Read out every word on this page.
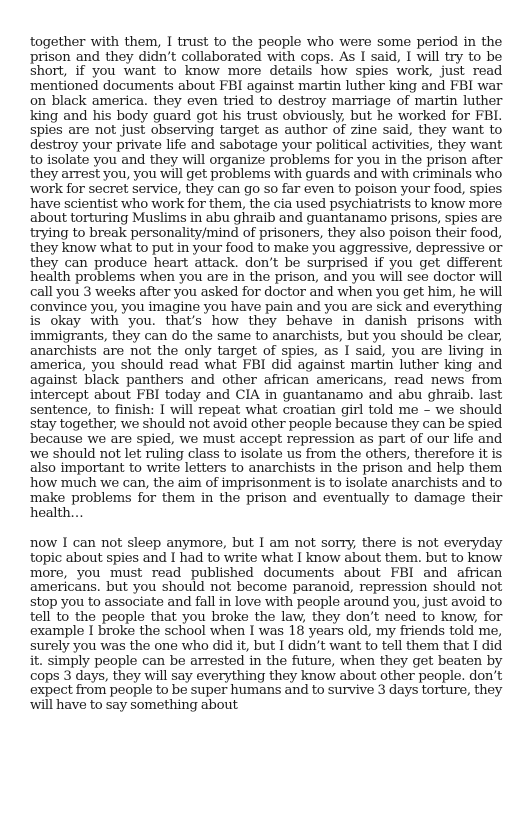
together with them, I trust to the people who were some period in the prison and they didn’t collaborated with cops. As I said, I will try to be short, if you want to know more details how spies work, just read mentioned documents about FBI against martin luther king and FBI war on black america. they even tried to destroy marriage of martin luther king and his body guard got his trust obviously, but he worked for FBI. spies are not just observing target as author of zine said, they want to destroy your private life and sabotage your political activities, they want to isolate you and they will organize problems for you in the prison after they arrest you, you will get problems with guards and with criminals who work for secret service, they can go so far even to poison your food, spies have scientist who work for them, the cia used psychiatrists to know more about torturing Muslims in abu ghraib and guantanamo prisons, spies are trying to break personality/mind of prisoners, they also poison their food, they know what to put in your food to make you aggressive, depressive or they can produce heart attack. don’t be surprised if you get different health problems when you are in the prison, and you will see doctor will call you 3 weeks after you asked for doctor and when you get him, he will convince you, you imagine you have pain and you are sick and everything is okay with you. that’s how they behave in danish prisons with immigrants, they can do the same to anarchists, but you should be clear, anarchists are not the only target of spies, as I said, you are living in america, you should read what FBI did against martin luther king and against black panthers and other african americans, read news from intercept about FBI today and CIA in guantanamo and abu ghraib. last sentence, to finish: I will repeat what croatian girl told me – we should stay together, we should not avoid other people because they can be spied because we are spied, we must accept repression as part of our life and we should not let ruling class to isolate us from the others, therefore it is also important to write letters to anarchists in the prison and help them how much we can, the aim of imprisonment is to isolate anarchists and to make problems for them in the prison and eventually to damage their health…

now I can not sleep anymore, but I am not sorry, there is not everyday topic about spies and I had to write what I know about them. but to know more, you must read published documents about FBI and african americans. but you should not become paranoid, repression should not stop you to associate and fall in love with people around you, just avoid to tell to the people that you broke the law, they don’t need to know, for example I broke the school when I was 18 years old, my friends told me, surely you was the one who did it, but I didn’t want to tell them that I did it. simply people can be arrested in the future, when they get beaten by cops 3 days, they will say everything they know about other people. don’t expect from people to be super humans and to survive 3 days torture, they will have to say something about
